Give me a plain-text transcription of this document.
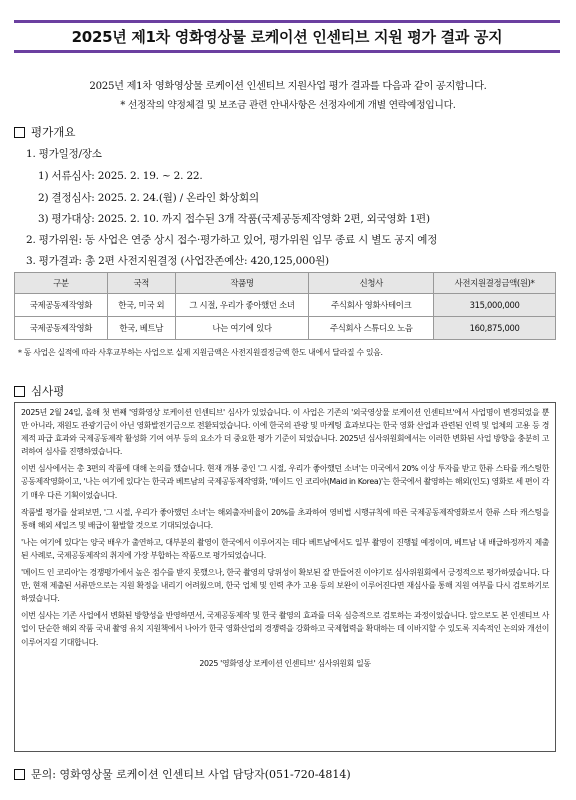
2025년 제1차 영화영상물 로케이션 인센티브 지원 평가 결과 공지
2025년 제1차 영화영상물 로케이션 인센티브 지원사업 평가 결과를 다음과 같이 공지합니다.
* 선정작의 약정체결 및 보조금 관련 안내사항은 선정자에게 개별 연락예정입니다.
평가개요
1. 평가일정/장소
1) 서류심사: 2025. 2. 19. ~ 2. 22.
2) 결정심사: 2025. 2. 24.(월) / 온라인 화상회의
3) 평가대상: 2025. 2. 10. 까지 접수된 3개 작품(국제공동제작영화 2편, 외국영화 1편)
2. 평가위원: 동 사업은 연중 상시 접수·평가하고 있어, 평가위원 임무 종료 시 별도 공지 예정
3. 평가결과: 총 2편 사전지원결정 (사업잔존예산: 420,125,000원)
구분	국적	작품명	신청사	사전지원결정금액(원)*
국제공동제작영화	한국, 미국 외	그 시절, 우리가 좋아했던 소녀	주식회사 영화사테이크	315,000,000
국제공동제작영화	한국, 베트남	나는 여기에 있다	주식회사 스튜디오 노음	160,875,000
* 동 사업은 실적에 따라 사후교부하는 사업으로 실제 지원금액은 사전지원결정금액 한도 내에서 달라질 수 있음.
심사평

2025년 2월 24일, 올해 첫 번째 '영화영상 로케이션 인센티브' 심사가 있었습니다. 이 사업은 기존의 '외국영상물 로케이션 인센티브'에서 사업명이 변경되었을 뿐만 아니라, 재원도 관광기금이 아닌 영화발전기금으로 전환되었습니다. 이에 한국의 관광 및 마케팅 효과보다는 한국 영화 산업과 관련된 인력 및 업체의 고용 등 경제적 파급 효과와 국제공동제작 활성화 기여 여부 등의 요소가 더 중요한 평가 기준이 되었습니다. 2025년 심사위원회에서는 이러한 변화된 사업 방향을 충분히 고려하여 심사를 진행하였습니다.

이번 심사에서는 총 3편의 작품에 대해 논의를 했습니다. 현재 개봉 중인 '그 시절, 우리가 좋아했던 소녀'는 미국에서 20% 이상 투자를 받고 한류 스타를 캐스팅한 공동제작영화이고, '나는 여기에 있다'는 한국과 베트남의 국제공동제작영화, '메이드 인 코리아(Maid in Korea)'는 한국에서 촬영하는 해외(인도) 영화로 세 편이 각기 매우 다른 기획이었습니다.

작품별 평가를 살펴보면, '그 시절, 우리가 좋아했던 소녀'는 해외출자비율이 20%를 초과하여 영비법 시행규칙에 따른 국제공동제작영화로서 한류 스타 캐스팅을 통해 해외 세일즈 및 배급이 활발할 것으로 기대되었습니다.

'나는 여기에 있다'는 양국 배우가 출연하고, 대부분의 촬영이 한국에서 이루어지는 데다 베트남에서도 일부 촬영이 진행될 예정이며, 베트남 내 배급하정까지 제출된 사례로, 국제공동제작의 취지에 가장 부합하는 작품으로 평가되었습니다.

'메이드 인 코리아'는 경쟁평가에서 높은 점수를 받지 못했으나, 한국 촬영의 당위성이 확보된 잘 만들어진 이야기로 심사위원회에서 긍정적으로 평가하였습니다. 다만, 현재 제출된 서류만으로는 지원 확정을 내리기 어려웠으며, 한국 업체 및 인력 추가 고용 등의 보완이 이루어진다면 재심사를 통해 지원 여부를 다시 검토하기로 하였습니다.

이번 심사는 기존 사업에서 변화된 방향성을 반영하면서, 국제공동제작 및 한국 촬영의 효과를 더욱 심층적으로 검토하는 과정이었습니다. 앞으로도 본 인센티브 사업이 단순한 해외 작품 국내 촬영 유치 지원책에서 나아가 한국 영화산업의 경쟁력을 강화하고 국제협력을 확대하는 데 이바지할 수 있도록 지속적인 논의와 개선이 이루어지길 기대합니다.

2025 '영화영상 로케이션 인센티브' 심사위원회 일동
문의: 영화영상물 로케이션 인센티브 사업 담당자(051-720-4814)
